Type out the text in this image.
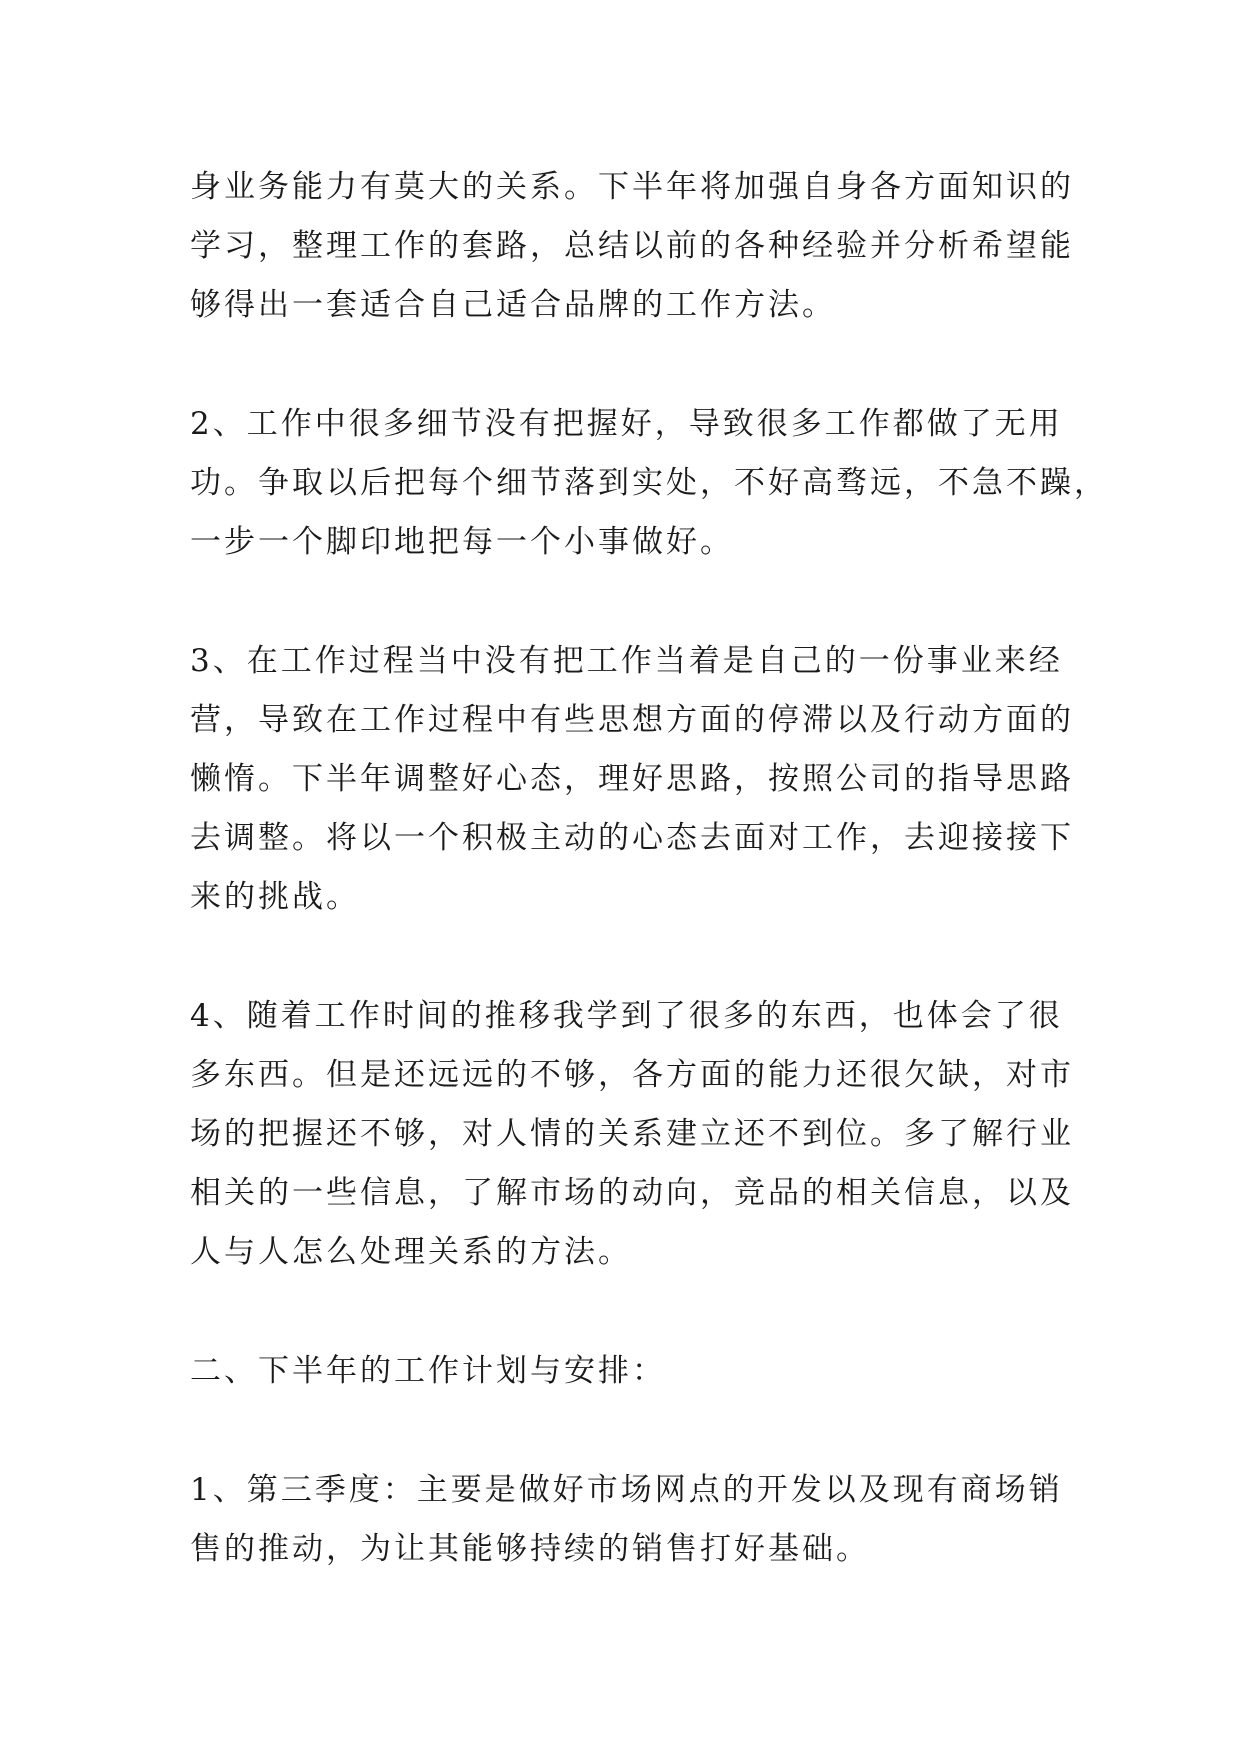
身业务能力有莫大的关系。下半年将加强自身各方面知识的
学习，整理工作的套路，总结以前的各种经验并分析希望能
够得出一套适合自己适合品牌的工作方法。

2、工作中很多细节没有把握好，导致很多工作都做了无用
功。争取以后把每个细节落到实处，不好高骛远，不急不躁，
一步一个脚印地把每一个小事做好。

3、在工作过程当中没有把工作当着是自己的一份事业来经
营，导致在工作过程中有些思想方面的停滞以及行动方面的
懒惰。下半年调整好心态，理好思路，按照公司的指导思路
去调整。将以一个积极主动的心态去面对工作，去迎接接下
来的挑战。

4、随着工作时间的推移我学到了很多的东西，也体会了很
多东西。但是还远远的不够，各方面的能力还很欠缺，对市
场的把握还不够，对人情的关系建立还不到位。多了解行业
相关的一些信息，了解市场的动向，竞品的相关信息，以及
人与人怎么处理关系的方法。

二、下半年的工作计划与安排：

1、第三季度：主要是做好市场网点的开发以及现有商场销
售的推动，为让其能够持续的销售打好基础。
